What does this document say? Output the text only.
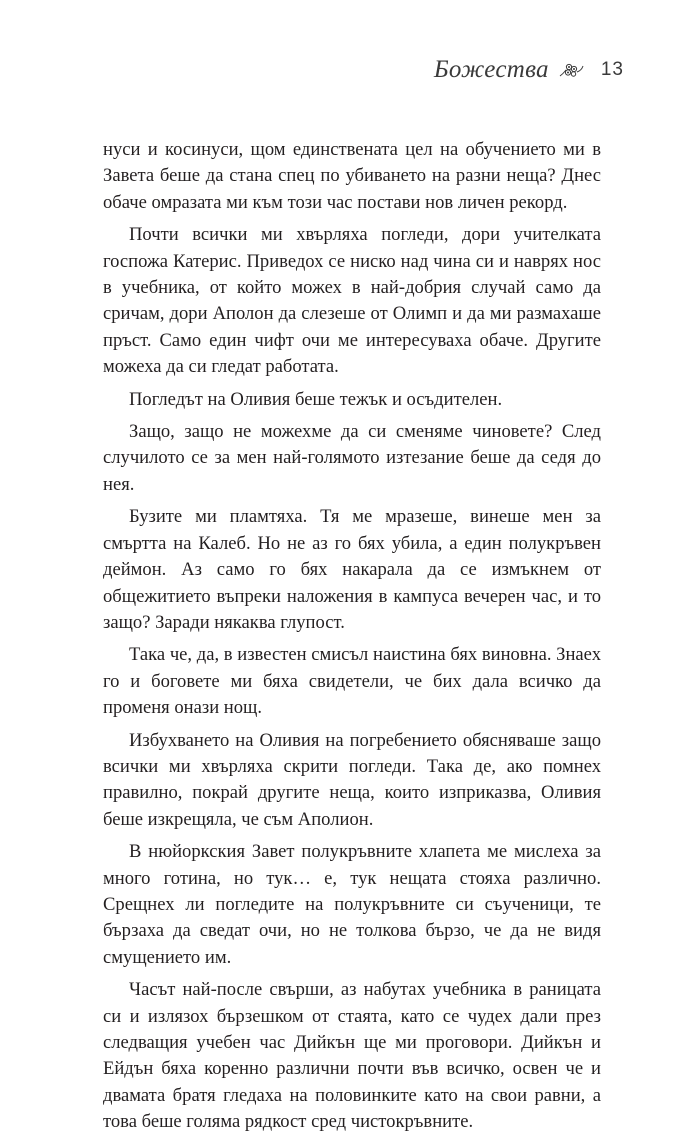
Божества	13

нуси и косинуси, щом единствената цел на обучението ми в Завета беше да стана спец по убиването на разни неща? Днес обаче омразата ми към този час постави нов личен рекорд.

Почти всички ми хвърляха погледи, дори учителката госпожа Катерис. Приведох се ниско над чина си и наврях нос в учебника, от който можех в най-добрия случай само да сричам, дори Аполон да слезеше от Олимп и да ми размахаше пръст. Само един чифт очи ме интересуваха обаче. Другите можеха да си гледат работата.

Погледът на Оливия беше тежък и осъдителен.

Защо, защо не можехме да си сменяме чиновете? След случилото се за мен най-голямото изтезание беше да седя до нея.

Бузите ми пламтяха. Тя ме мразеше, винеше мен за смъртта на Калеб. Но не аз го бях убила, а един полукръвен деймон. Аз само го бях накарала да се измъкнем от общежитието въпреки наложения в кампуса вечерен час, и то защо? Заради някаква глупост.

Така че, да, в известен смисъл наистина бях виновна. Знаех го и боговете ми бяха свидетели, че бих дала всичко да променя онази нощ.

Избухването на Оливия на погребението обясняваше защо всички ми хвърляха скрити погледи. Така де, ако помнех правилно, покрай другите неща, които изприказва, Оливия беше изкрещяла, че съм Аполион.

В нюйоркския Завет полукръвните хлапета ме мислеха за много готина, но тук… е, тук нещата стояха различно. Срещнех ли погледите на полукръвните си съученици, те бързаха да сведат очи, но не толкова бързо, че да не видя смущението им.

Часът най-после свърши, аз набутах учебника в раницата си и излязох бързешком от стаята, като се чудех дали през следващия учебен час Дийкън ще ми проговори. Дийкън и Ейдън бяха коренно различни почти във всичко, освен че и двамата братя гледаха на половинките като на свои равни, а това беше голяма рядкост сред чистокръвните.
